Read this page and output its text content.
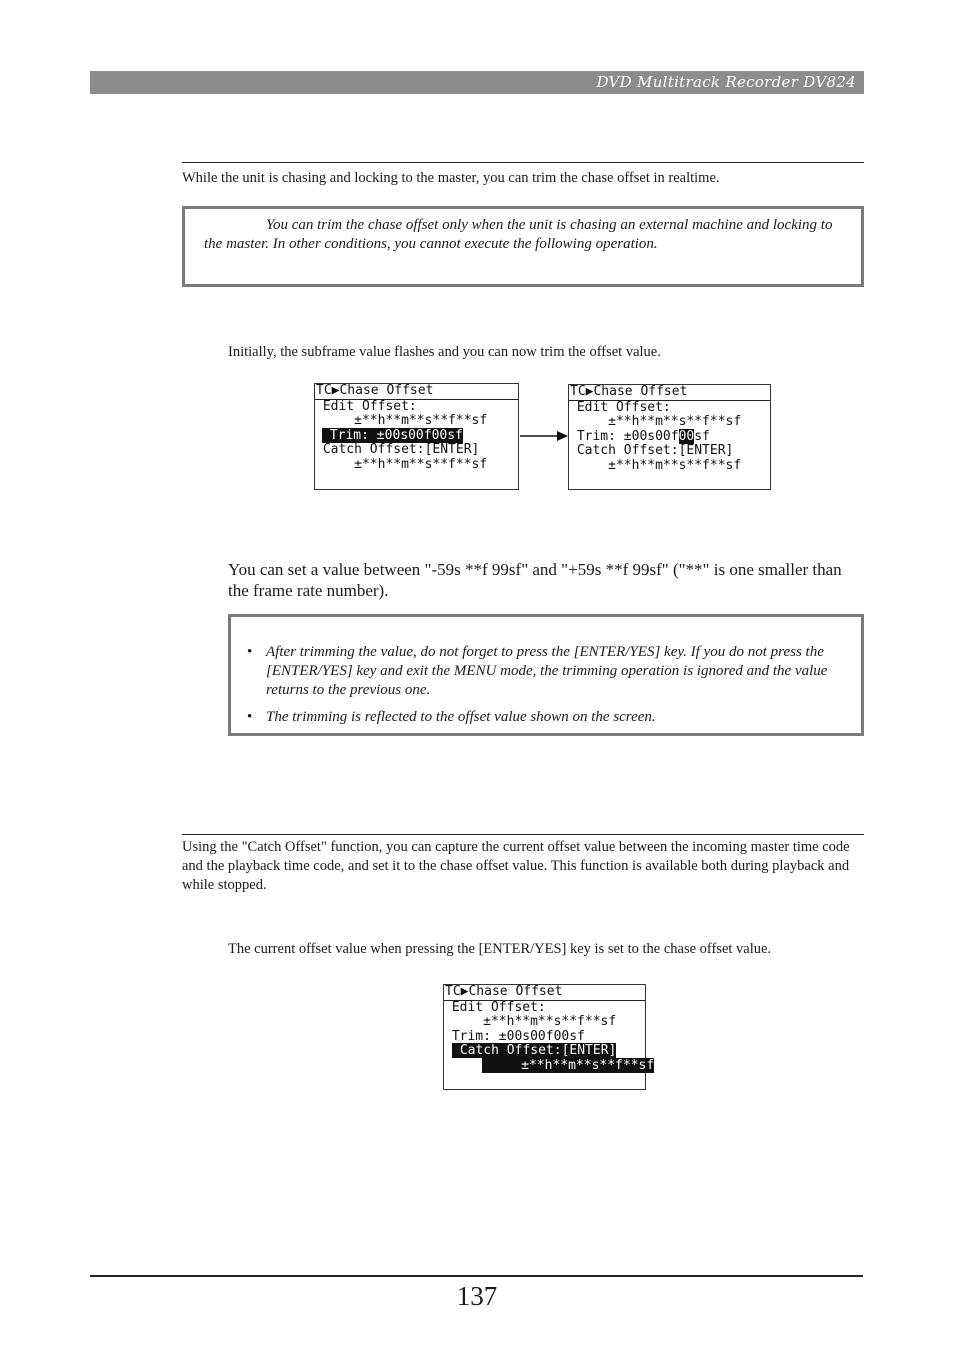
DVD Multitrack Recorder DV824
While the unit is chasing and locking to the master, you can trim the chase offset in realtime.
You can trim the chase offset only when the unit is chasing an external machine and locking to the master. In other conditions, you cannot execute the following operation.
Initially, the subframe value flashes and you can now trim the offset value.
TC▶Chase Offset
Edit Offset:
±**h**m**s**f**sf
Trim: ±00s00f00sf
Catch Offset:[ENTER]
±**h**m**s**f**sf
TC▶Chase Offset
Edit Offset:
±**h**m**s**f**sf
Trim: ±00s00f00sf
Catch Offset:[ENTER]
±**h**m**s**f**sf
You can set a value between "-59s **f 99sf" and "+59s **f 99sf" ("**" is one smaller than the frame rate number).
• After trimming the value, do not forget to press the [ENTER/YES] key. If you do not press the [ENTER/YES] key and exit the MENU mode, the trimming operation is ignored and the value returns to the previous one.
• The trimming is reflected to the offset value shown on the screen.
Using the "Catch Offset" function, you can capture the current offset value between the incoming master time code and the playback time code, and set it to the chase offset value. This function is available both during playback and while stopped.
The current offset value when pressing the [ENTER/YES] key is set to the chase offset value.
TC▶Chase Offset
Edit Offset:
±**h**m**s**f**sf
Trim: ±00s00f00sf
Catch Offset:[ENTER]
±**h**m**s**f**sf
137
